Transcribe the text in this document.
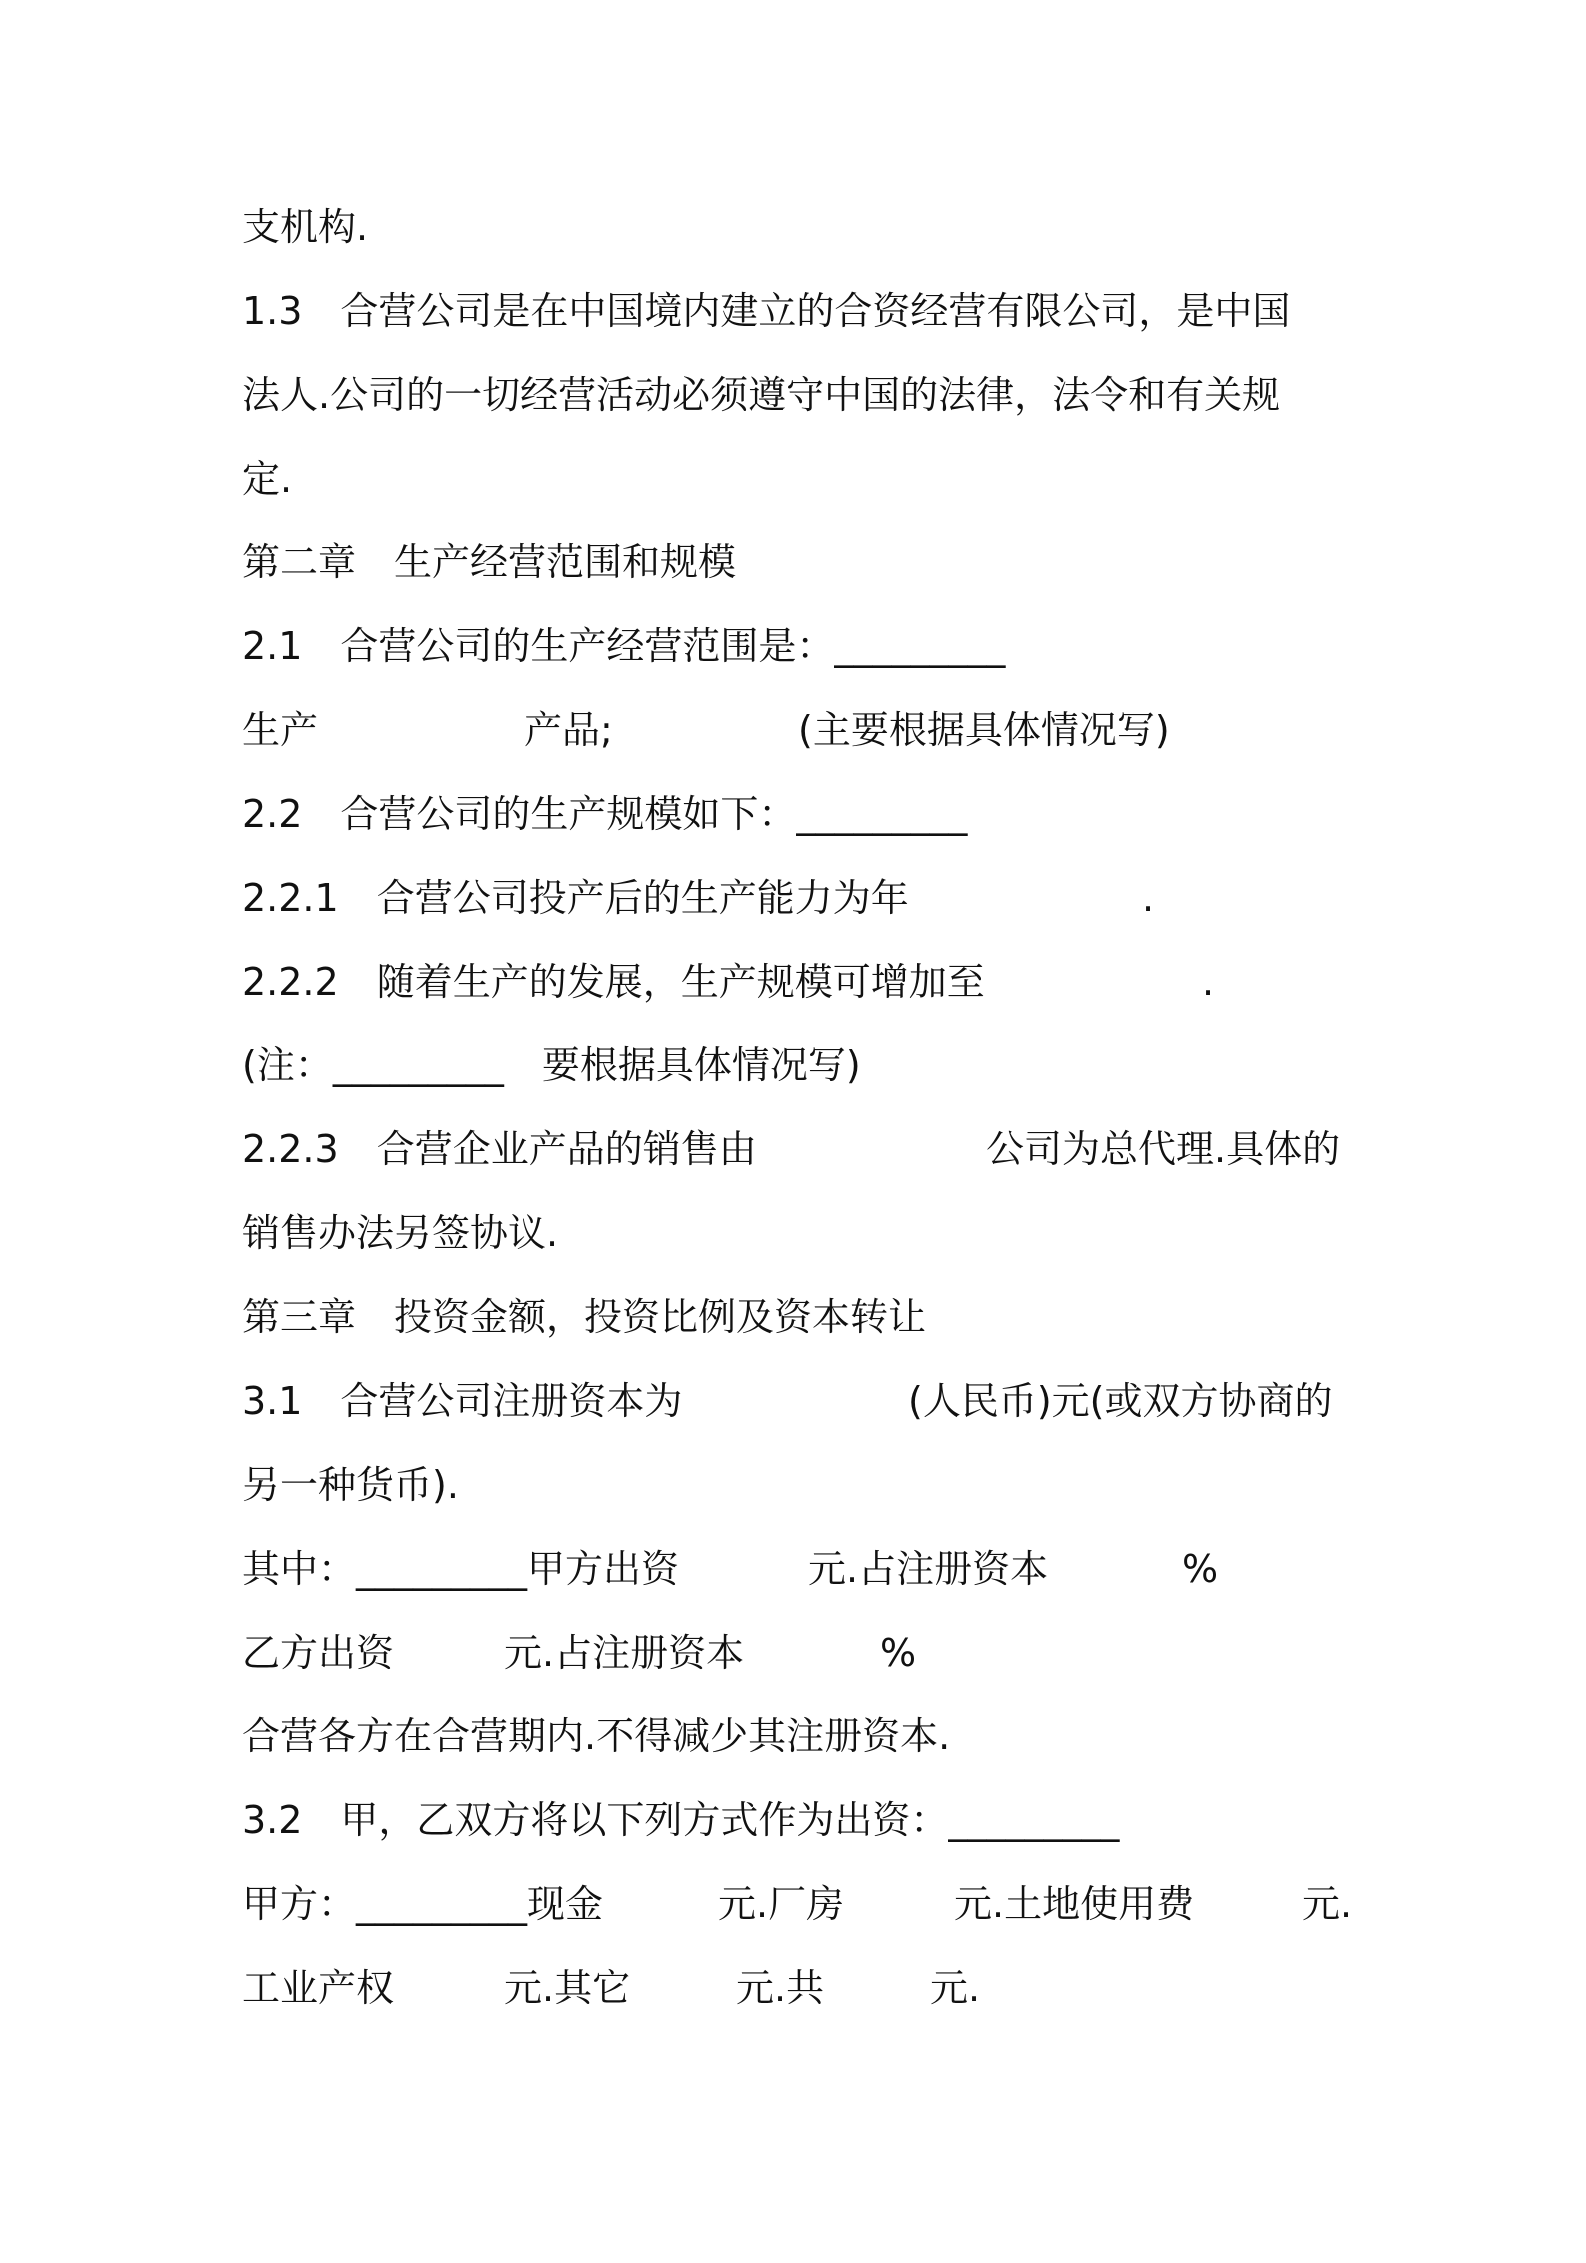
支机构.
1.3　合营公司是在中国境内建立的合资经营有限公司，是中国
法人.公司的一切经营活动必须遵守中国的法律，法令和有关规
定.
第二章　生产经营范围和规模
2.1　合营公司的生产经营范围是：_________

生产

	产品;

	(主要根据具体情况写)

2.2　合营公司的生产规模如下：_________

2.2.1　合营公司投产后的生产能力为年

	.

2.2.2　随着生产的发展，生产规模可增加至

	.

(注：_________　要根据具体情况写)

2.2.3　合营企业产品的销售由

	公司为总代理.具体的

销售办法另签协议.
第三章　投资金额，投资比例及资本转让

3.1　合营公司注册资本为

	(人民币)元(或双方协商的

另一种货币).

其中：_________甲方出资

	元.占注册资本

	%

乙方出资

	元.占注册资本

	%

合营各方在合营期内.不得减少其注册资本.
3.2　甲，乙双方将以下列方式作为出资：_________

甲方：_________现金

	元.厂房

	元.土地使用费

	元.

工业产权

	元.其它

	元.共

	元.
